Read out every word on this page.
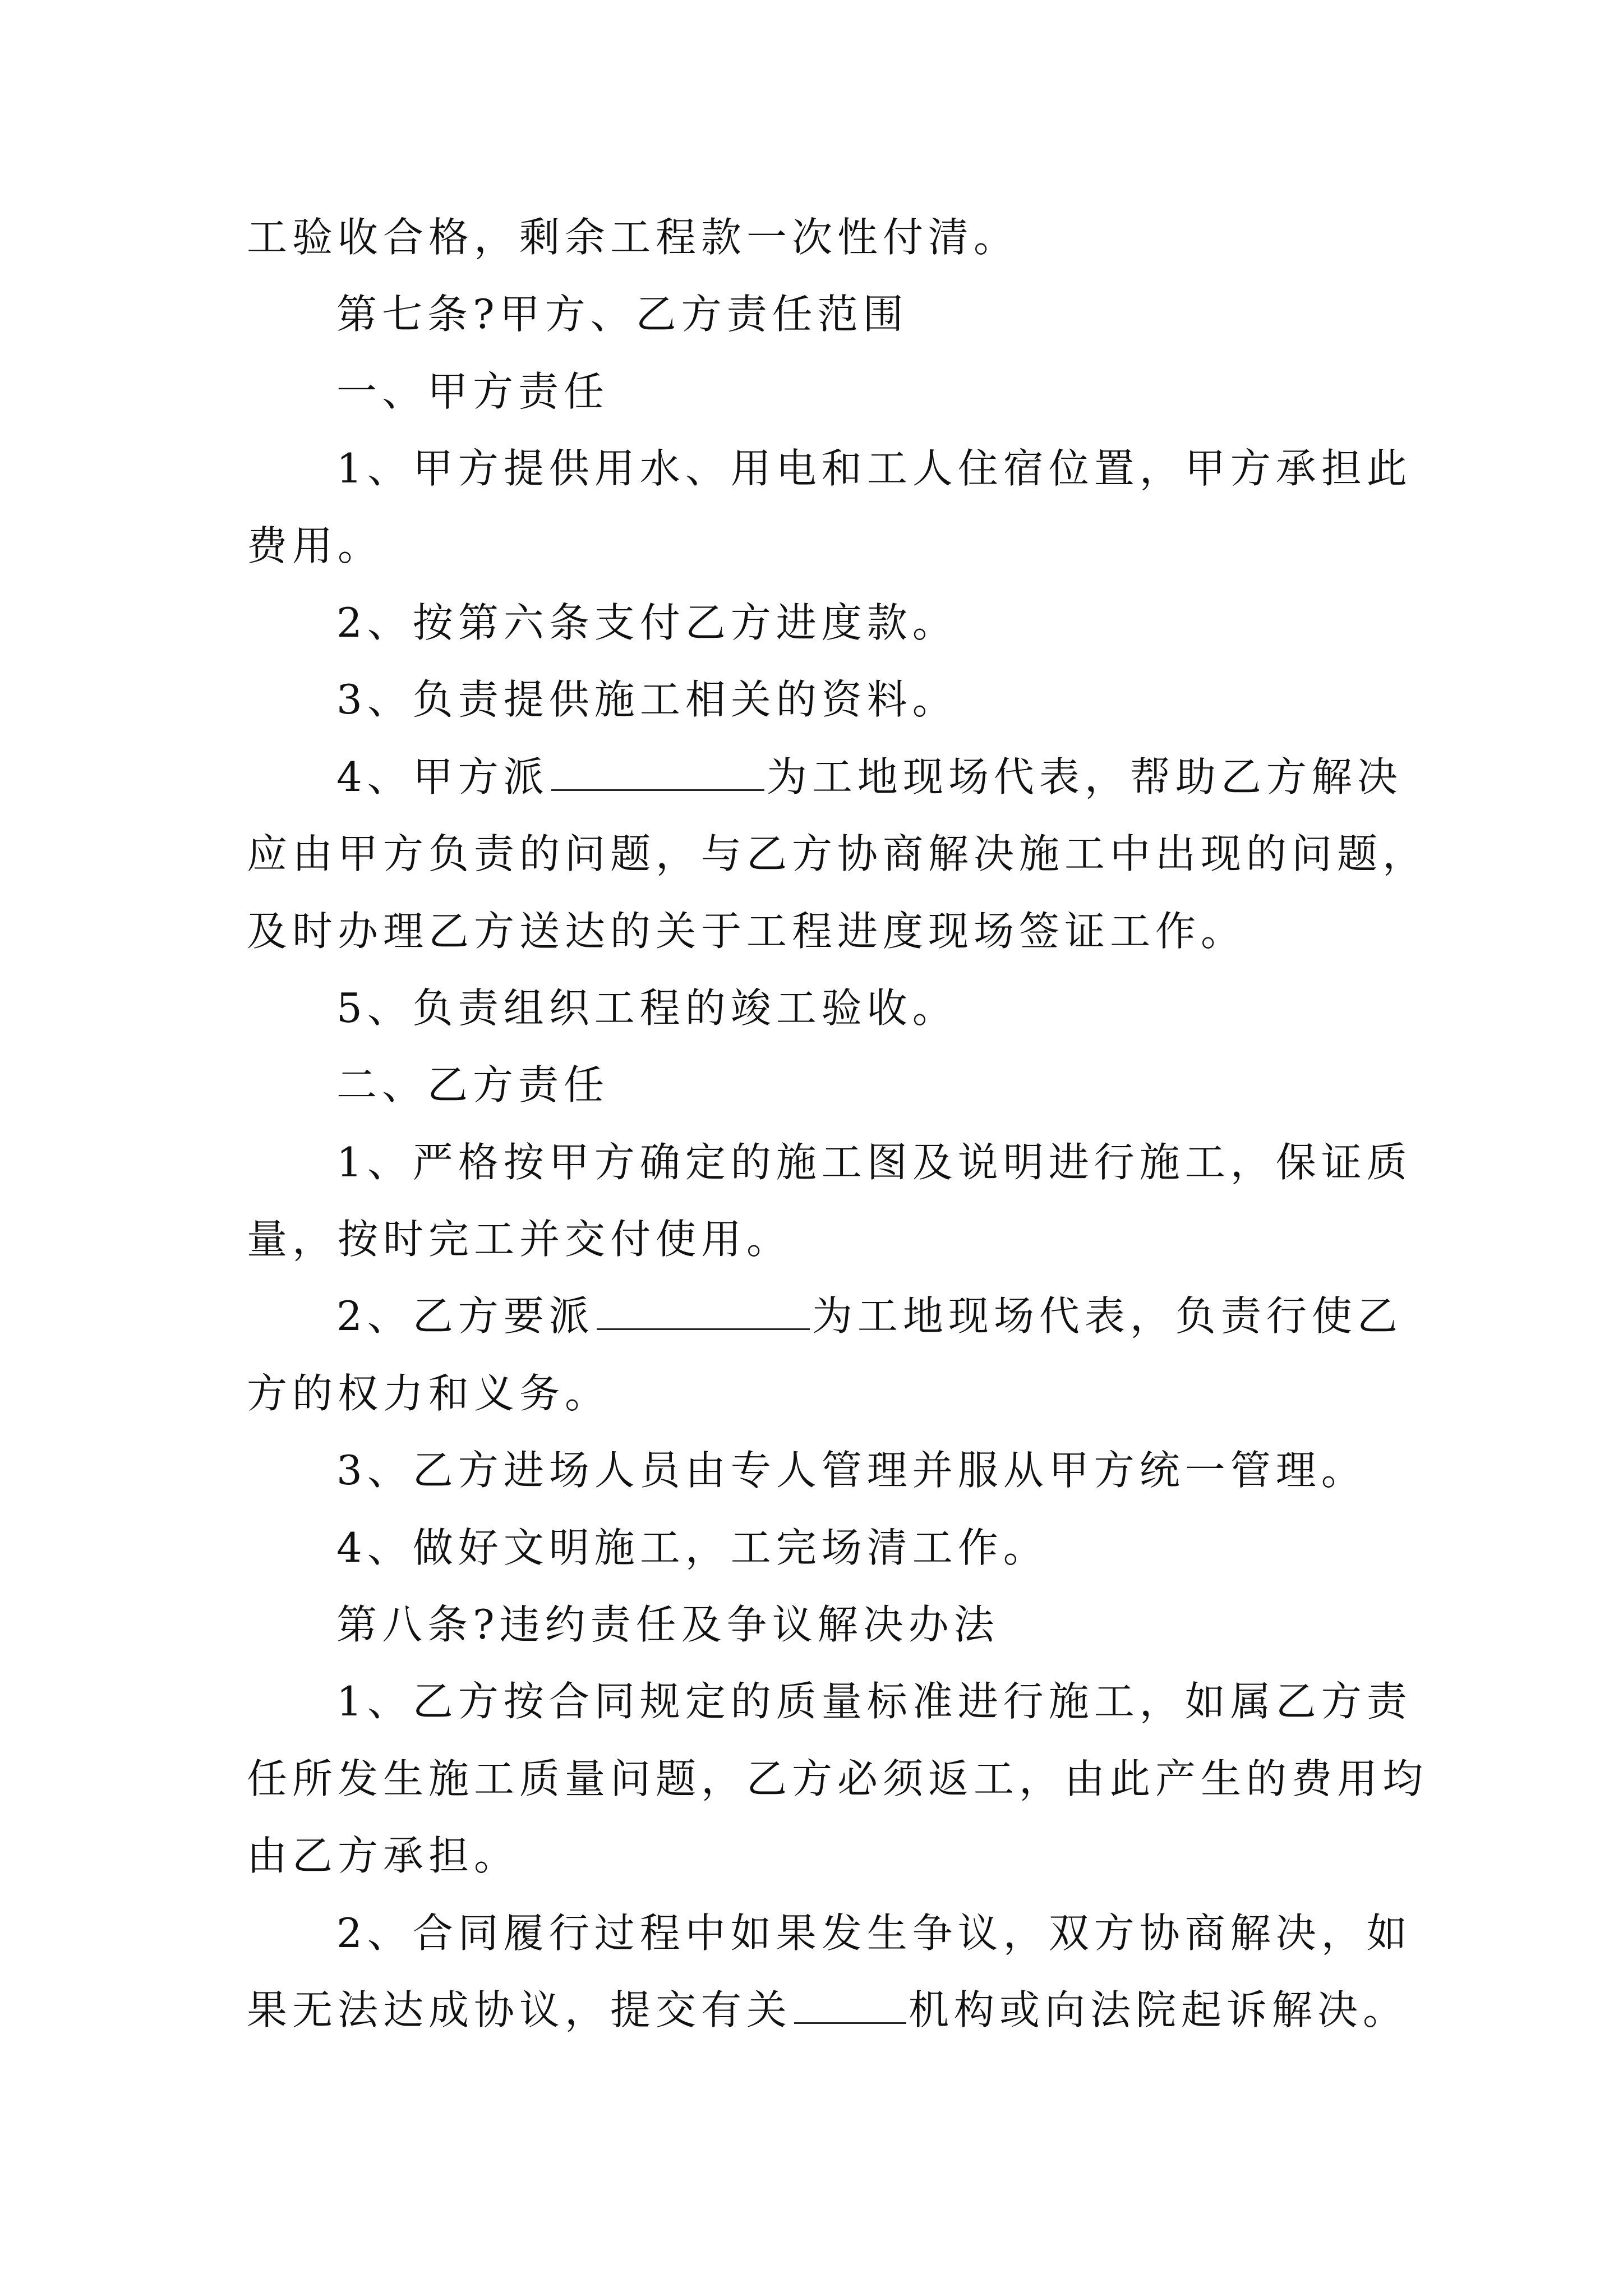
工验收合格，剩余工程款一次性付清。
第七条?甲方、乙方责任范围
一、甲方责任
1、甲方提供用水、用电和工人住宿位置，甲方承担此
费用。
2、按第六条支付乙方进度款。
3、负责提供施工相关的资料。
4、甲方派	为工地现场代表，帮助乙方解决
应由甲方负责的问题，与乙方协商解决施工中出现的问题，
及时办理乙方送达的关于工程进度现场签证工作。
5、负责组织工程的竣工验收。
二、乙方责任
1、严格按甲方确定的施工图及说明进行施工，保证质
量，按时完工并交付使用。
2、乙方要派	为工地现场代表，负责行使乙
方的权力和义务。
3、乙方进场人员由专人管理并服从甲方统一管理。
4、做好文明施工，工完场清工作。
第八条?违约责任及争议解决办法
1、乙方按合同规定的质量标准进行施工，如属乙方责
任所发生施工质量问题，乙方必须返工，由此产生的费用均
由乙方承担。
2、合同履行过程中如果发生争议，双方协商解决，如
果无法达成协议，提交有关	机构或向法院起诉解决。
